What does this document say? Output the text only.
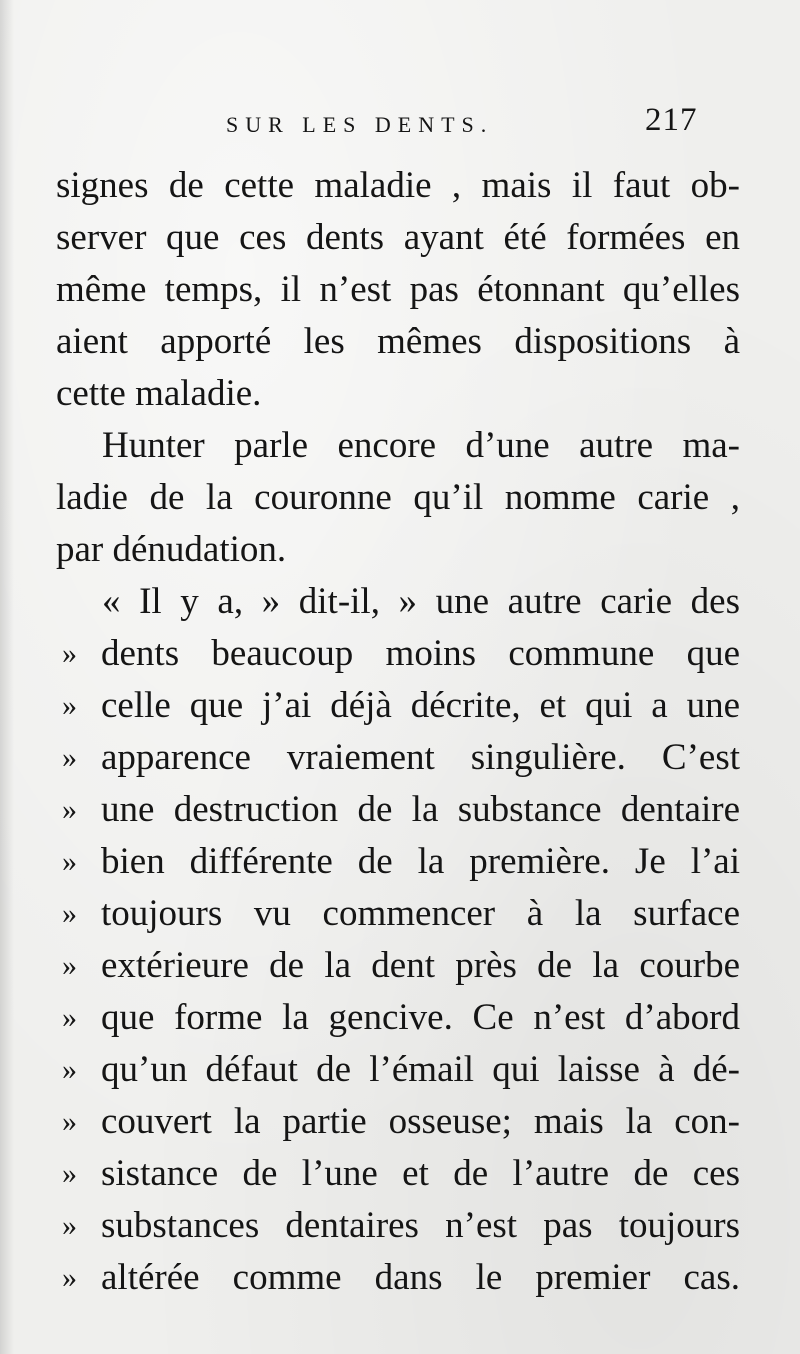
SUR LES DENTS.	217
signes de cette maladie , mais il faut ob-
server que ces dents ayant été formées en
même temps, il n’est pas étonnant qu’elles
aient apporté les mêmes dispositions à
cette maladie.
Hunter parle encore d’une autre ma-
ladie de la couronne qu’il nomme carie ,
par dénudation.
« Il y a, » dit-il, » une autre carie des
» dents beaucoup moins commune que
» celle que j’ai déjà décrite, et qui a une
» apparence vraiement singulière. C’est
» une destruction de la substance dentaire
» bien différente de la première. Je l’ai
» toujours vu commencer à la surface
» extérieure de la dent près de la courbe
» que forme la gencive. Ce n’est d’abord
» qu’un défaut de l’émail qui laisse à dé-
» couvert la partie osseuse; mais la con-
» sistance de l’une et de l’autre de ces
» substances dentaires n’est pas toujours
» altérée comme dans le premier cas.
